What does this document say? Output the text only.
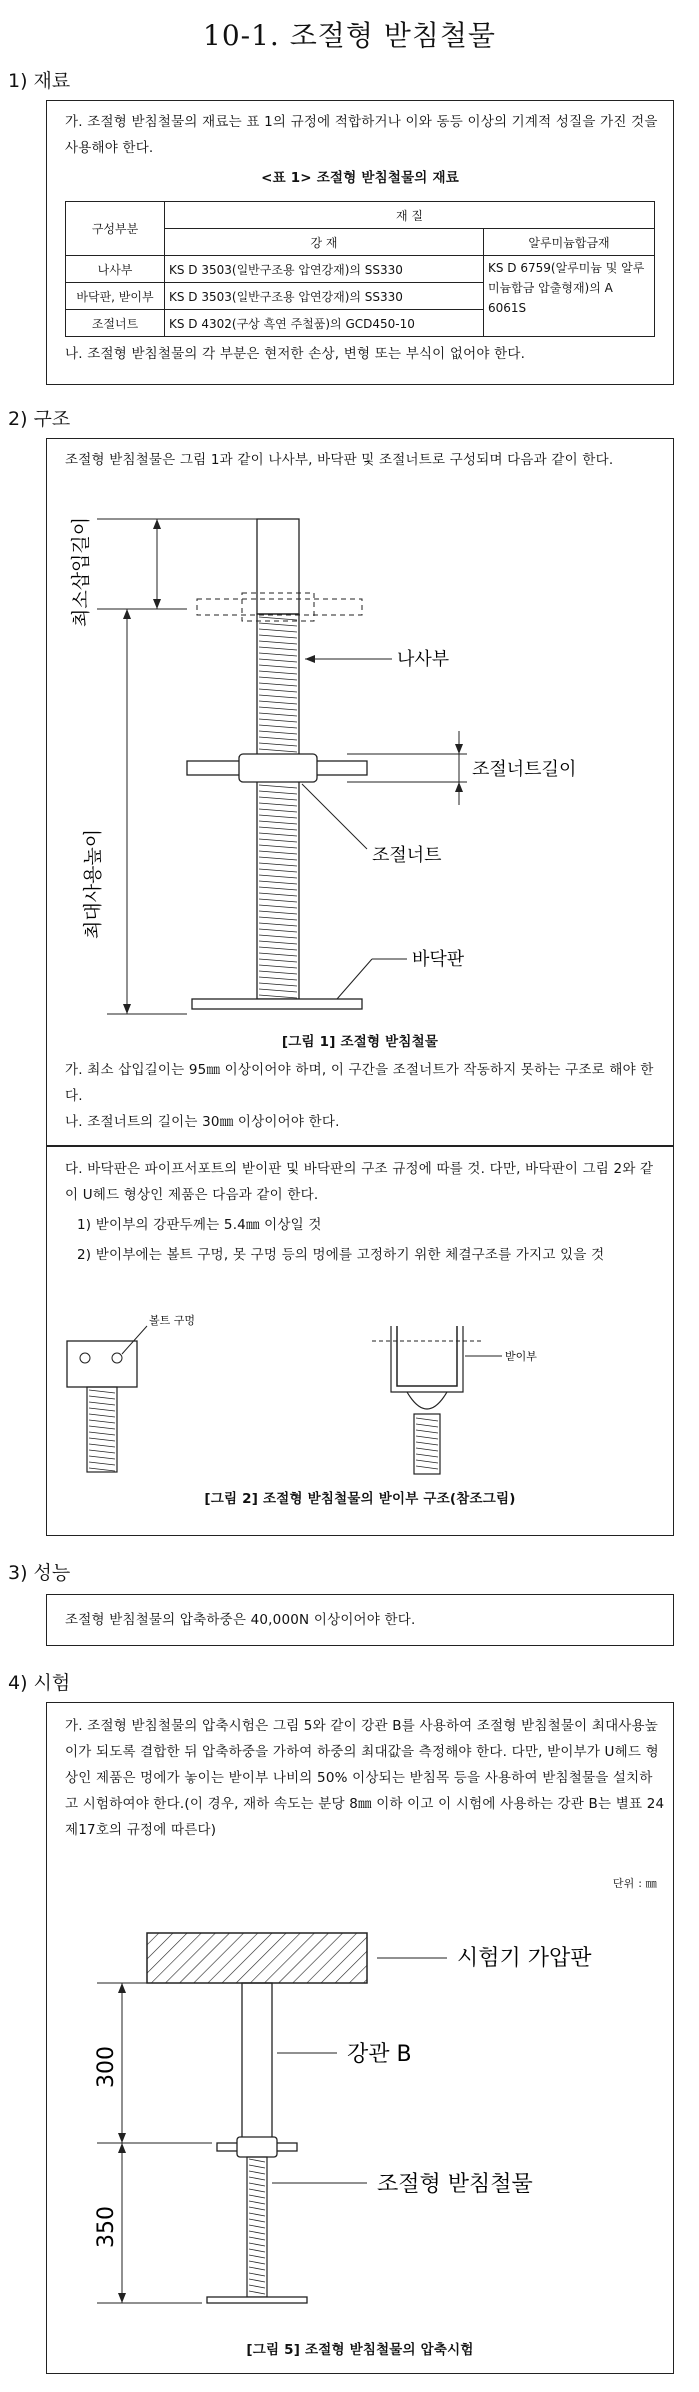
10-1. 조절형 받침철물
1) 재료
가. 조절형 받침철물의 재료는 표 1의 규정에 적합하거나 이와 동등 이상의 기계적 성질을 가진 것을 사용해야 한다.
<표 1> 조절형 받침철물의 재료
구성부분	재 질	
	강 재	알루미늄합금재
나사부	KS D 3503(일반구조용 압연강재)의 SS330	KS D 6759(알루미늄 및 알루미늄합금 압출형재)의 A 6061S
바닥판, 받이부	KS D 3503(일반구조용 압연강재)의 SS330	
조절너트	KS D 4302(구상 흑연 주철품)의 GCD450-10	
나. 조절형 받침철물의 각 부분은 현저한 손상, 변형 또는 부식이 없어야 한다.
2) 구조
조절형 받침철물은 그림 1과 같이 나사부, 바닥판 및 조절너트로 구성되며 다음과 같이 한다.
최소삽입길이
최대사용높이
나사부
조절너트길이
조절너트
바닥판
[그림 1] 조절형 받침철물
가. 최소 삽입길이는 95㎜ 이상이어야 하며, 이 구간을 조절너트가 작동하지 못하는 구조로 해야 한다.
나. 조절너트의 길이는 30㎜ 이상이어야 한다.
다. 바닥판은 파이프서포트의 받이판 및 바닥판의 구조 규정에 따를 것. 다만, 바닥판이 그림 2와 같이 U헤드 형상인 제품은 다음과 같이 한다.
1) 받이부의 강판두께는 5.4㎜ 이상일 것
2) 받이부에는 볼트 구멍, 못 구멍 등의 멍에를 고정하기 위한 체결구조를 가지고 있을 것
볼트 구멍
받이부
[그림 2] 조절형 받침철물의 받이부 구조(참조그림)
3) 성능
조절형 받침철물의 압축하중은 40,000N 이상이어야 한다.
4) 시험
가. 조절형 받침철물의 압축시험은 그림 5와 같이 강관 B를 사용하여 조절형 받침철물이 최대사용높이가 되도록 결합한 뒤 압축하중을 가하여 하중의 최대값을 측정해야 한다. 다만, 받이부가 U헤드 형상인 제품은 멍에가 놓이는 받이부 나비의 50% 이상되는 받침목 등을 사용하여 받침철물을 설치하고 시험하여야 한다.(이 경우, 재하 속도는 분당 8㎜ 이하 이고 이 시험에 사용하는 강관 B는 별표 24 제17호의 규정에 따른다)
단위 : ㎜
시험기 가압판
강관 B
조절형 받침철물
300
350
[그림 5] 조절형 받침철물의 압축시험
